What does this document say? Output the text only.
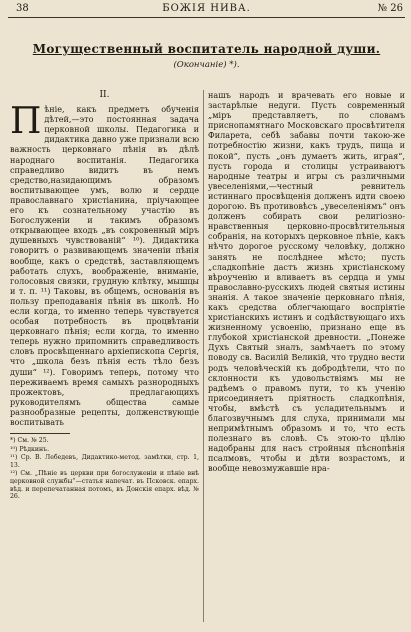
38	БОЖІЯ НИВА.	№ 26
Могущественный воспитатель народной души.
(Окончаніе) *).
II.
П ѣніе, какъ предметъ обученія дѣтей,—это постоянная задача церковной школы. Педагогика и дидактика давно уже признали всю важность церковнаго пѣнія въ дѣлѣ народнаго воспитанія. Педагогика справедливо видитъ въ немъ средство,назидающимъ образомъ воспитывающее умъ, волю и сердце православнаго христіанина, пріучающее его къ сознательному участію въ Богослуженіи и такимъ образомъ открывающее входъ „въ сокровенный міръ душевныхъ чувствованій“ ¹⁰). Дидактика говоритъ о развивающемъ значеніи пѣнія вообще, какъ о средствѣ, заставляющемъ работать слухъ, воображеніе, вниманіе, голосовыя связки, грудную клѣтку, мышцы и т. п. ¹¹) Таковы, въ общемъ, основанія въ пользу преподаванія пѣнія въ школѣ. Но если когда, то именно теперь чувствуется особая потребность въ процвѣтаніи церковнаго пѣнія; если когда, то именно теперь нужно припомнить справедливость словъ просвѣщеннаго архіепископа Сергія, что „школа безъ пѣнія есть тѣло безъ души“ ¹²). Говоримъ теперь, потому что переживаемъ время самыхъ разнородныхъ прожектовъ, предлагающихъ руководителямъ общества самые разнообразные рецепты, долженствующіе воспитывать

*) См. № 25.

¹⁰) Рѣдкинъ.

¹¹) Ср. В. Лебедевъ, Дидактико-метод. замѣтки, стр. 1, 13.

¹²) См. „Пѣніе въ церкви при богослуженіи и пѣніе внѣ церковной службы“—статья напечат. въ Псковск. епарх. вѣд. и перепечатанная потомъ, въ Донскія епарх. вѣд. № 26.

нашъ народъ и врачевать его новые и застарѣлые недуги. Пусть современный „міръ представляетъ, по словамъ приснопамятнаго Московскаго просвѣтителя Филарета, себѣ забавы почти такою-же потребностію жизни, какъ трудъ, пища и покой“, пусть „онъ думаетъ жить, играя“, пусть города и столицы устраиваютъ народные театры и игры съ различными увеселеніями,—честный ревнитель истиннаго просвѣщенія долженъ идти своею дорогою. Въ противовѣсъ „увеселеніямъ“ онъ долженъ собирать свои религіозно-нравственныя церковно-просвѣтительныя собранія, на которыхъ церковное пѣніе, какъ нѣчто дорогое русскому человѣку, должно занять не послѣднее мѣсто; пусть „сладкопѣніе дастъ жизнь христіанскому вѣроученію и вливаетъ въ сердца и умы православно-русскихъ людей святыя истины знанія. А такое значеніе церковнаго пѣнія, какъ средства облегчающаго воспріятіе христіанскихъ истинъ и содѣйствующаго ихъ жизненному усвоенію, признано еще въ глубокой христіанской древности. „Понеже Духъ Святый зналъ, замѣчаетъ по этому поводу св. Василій Великій, что трудно вести родъ человѣческій къ добродѣтели, что по склонности къ удовольствіямъ мы не радѣемъ о правомъ пути, то къ ученію присоединяетъ пріятность сладкопѣнія, чтобы, вмѣстѣ съ усладительнымъ и благозвучнымъ для слуха, принимали мы непримѣтнымъ образомъ и то, что есть полезнаго въ словѣ. Съ этою-то цѣлію надобраны для насъ стройныя пѣснопѣнія псалмовъ, чтобы и дѣти возрастомъ, и вообще невозмужавшіе нра-
